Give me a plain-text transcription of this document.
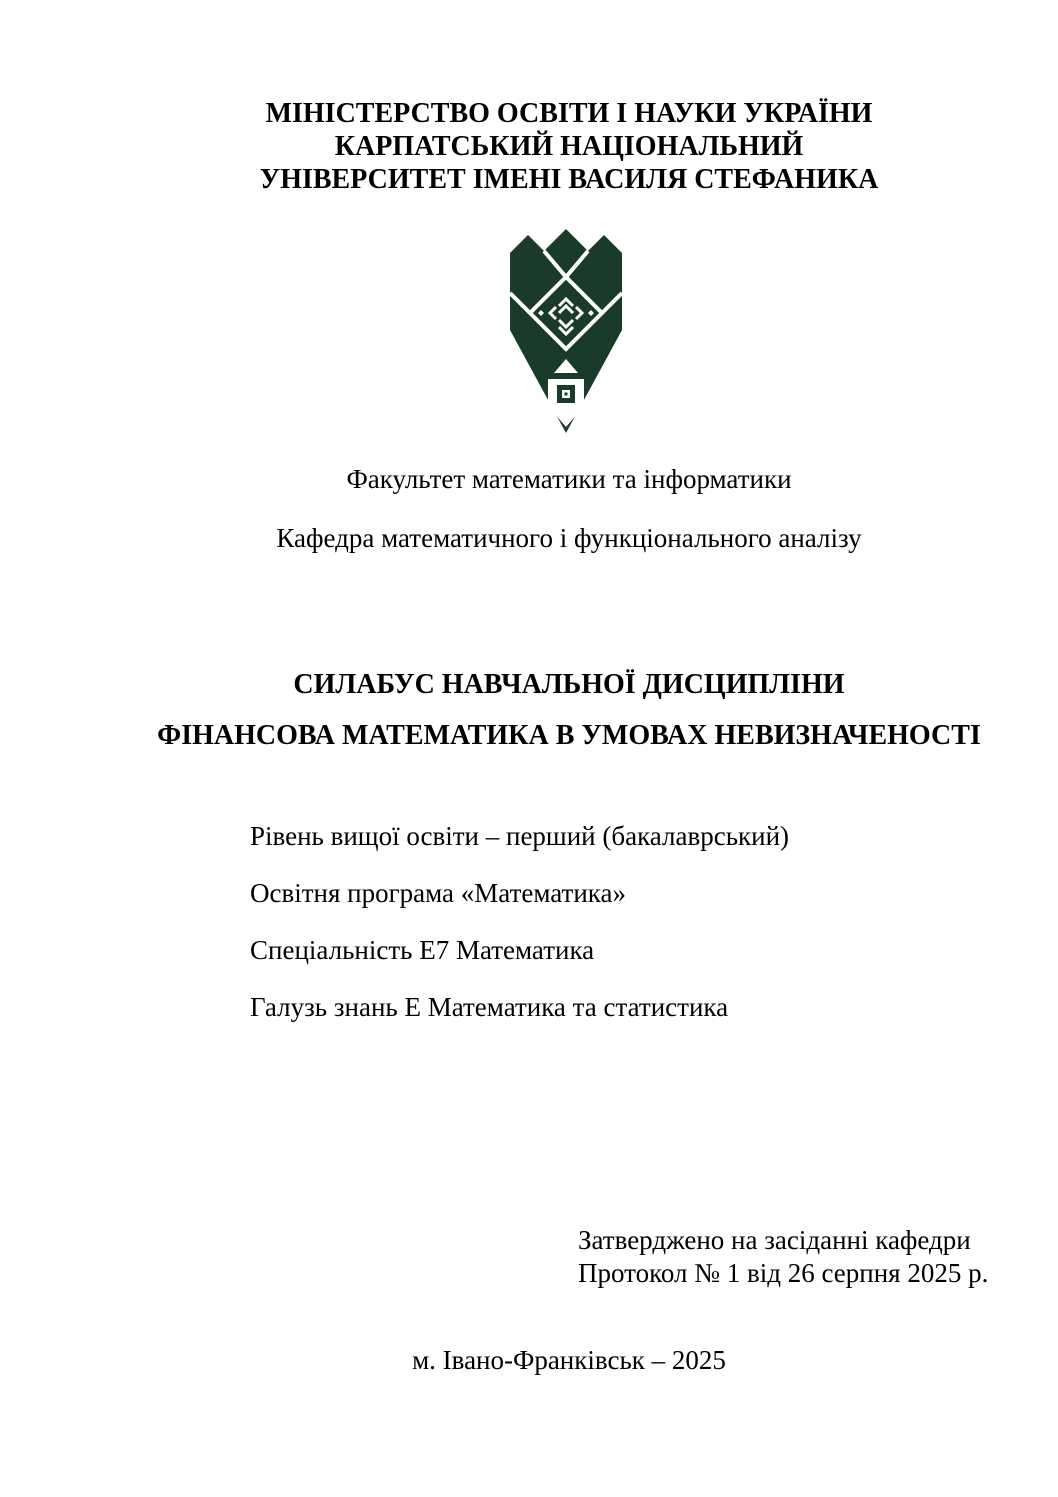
МІНІСТЕРСТВО ОСВІТИ І НАУКИ УКРАЇНИ
КАРПАТСЬКИЙ НАЦІОНАЛЬНИЙ
УНІВЕРСИТЕТ ІМЕНІ ВАСИЛЯ СТЕФАНИКА
Факультет математики та інформатики
Кафедра математичного і функціонального аналізу
СИЛАБУС НАВЧАЛЬНОЇ ДИСЦИПЛІНИ
ФІНАНСОВА МАТЕМАТИКА В УМОВАХ НЕВИЗНАЧЕНОСТІ

Рівень вищої освіти – перший (бакалаврський)

Освітня програма «Математика»

Спеціальність Е7 Математика

Галузь знань Е Математика та статистика

Затверджено на засіданні кафедри
Протокол № 1 від 26 серпня 2025 р.
м. Івано-Франківськ – 2025
